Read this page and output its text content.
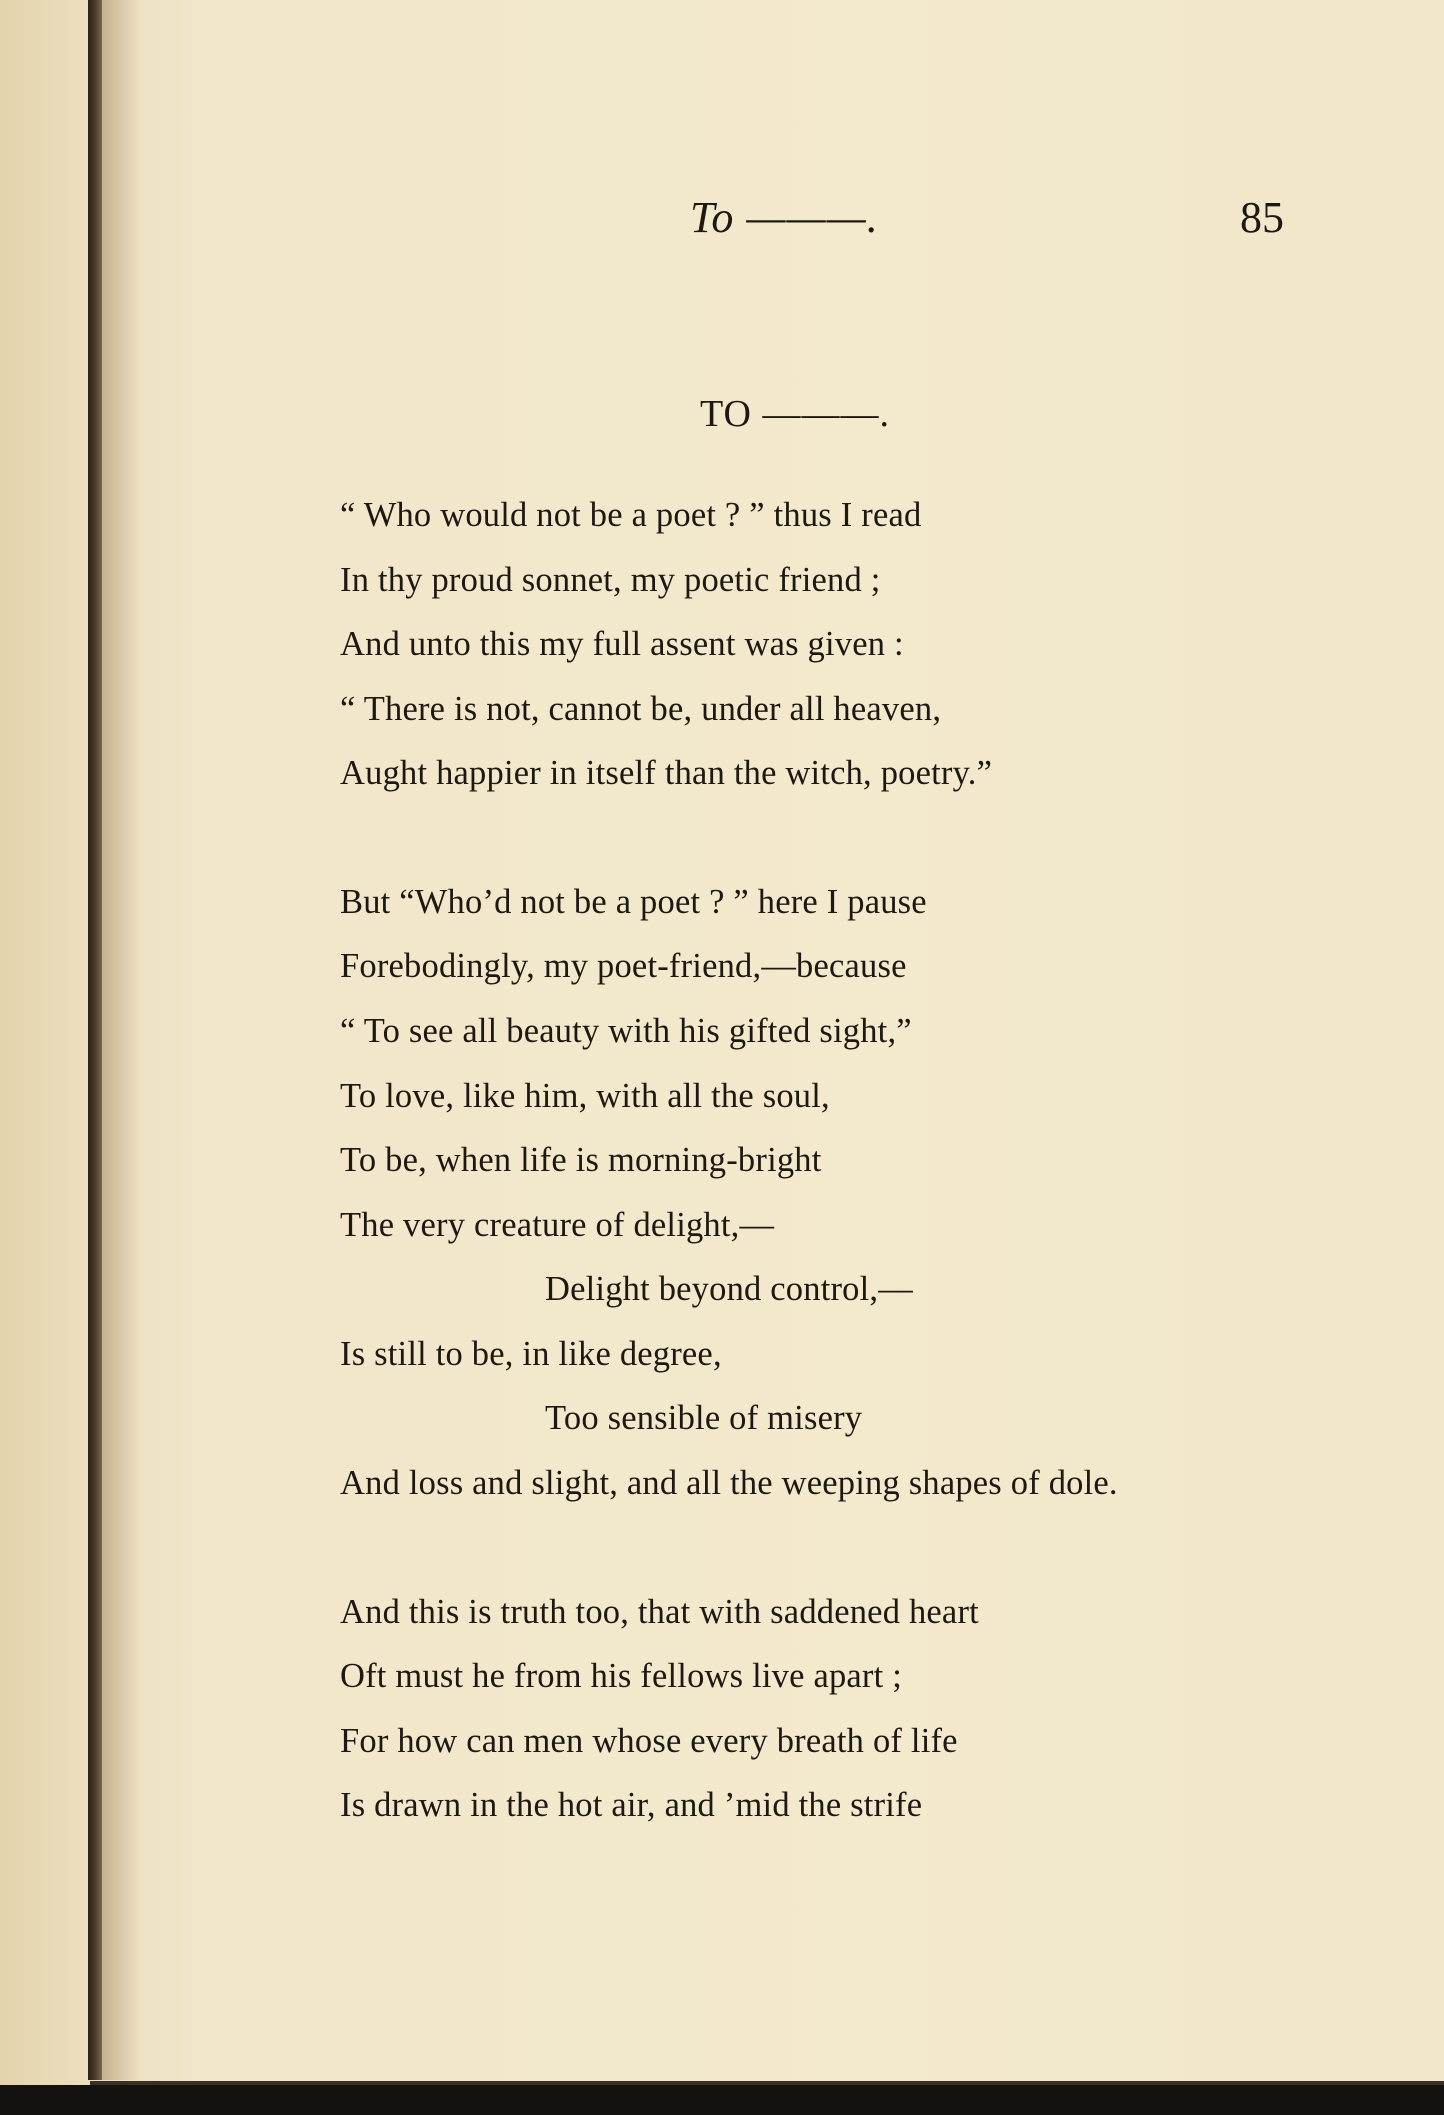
To ———.	85
TO ———.
“ Who would not be a poet ? ” thus I read
In thy proud sonnet, my poetic friend ;
And unto this my full assent was given :
“ There is not, cannot be, under all heaven,
Aught happier in itself than the witch, poetry.”
But “Who’d not be a poet ? ” here I pause
Forebodingly, my poet-friend,—because
“ To see all beauty with his gifted sight,”
To love, like him, with all the soul,
To be, when life is morning-bright
The very creature of delight,—
Delight beyond control,—
Is still to be, in like degree,
Too sensible of misery
And loss and slight, and all the weeping shapes of dole.
And this is truth too, that with saddened heart
Oft must he from his fellows live apart ;
For how can men whose every breath of life
Is drawn in the hot air, and ’mid the strife
